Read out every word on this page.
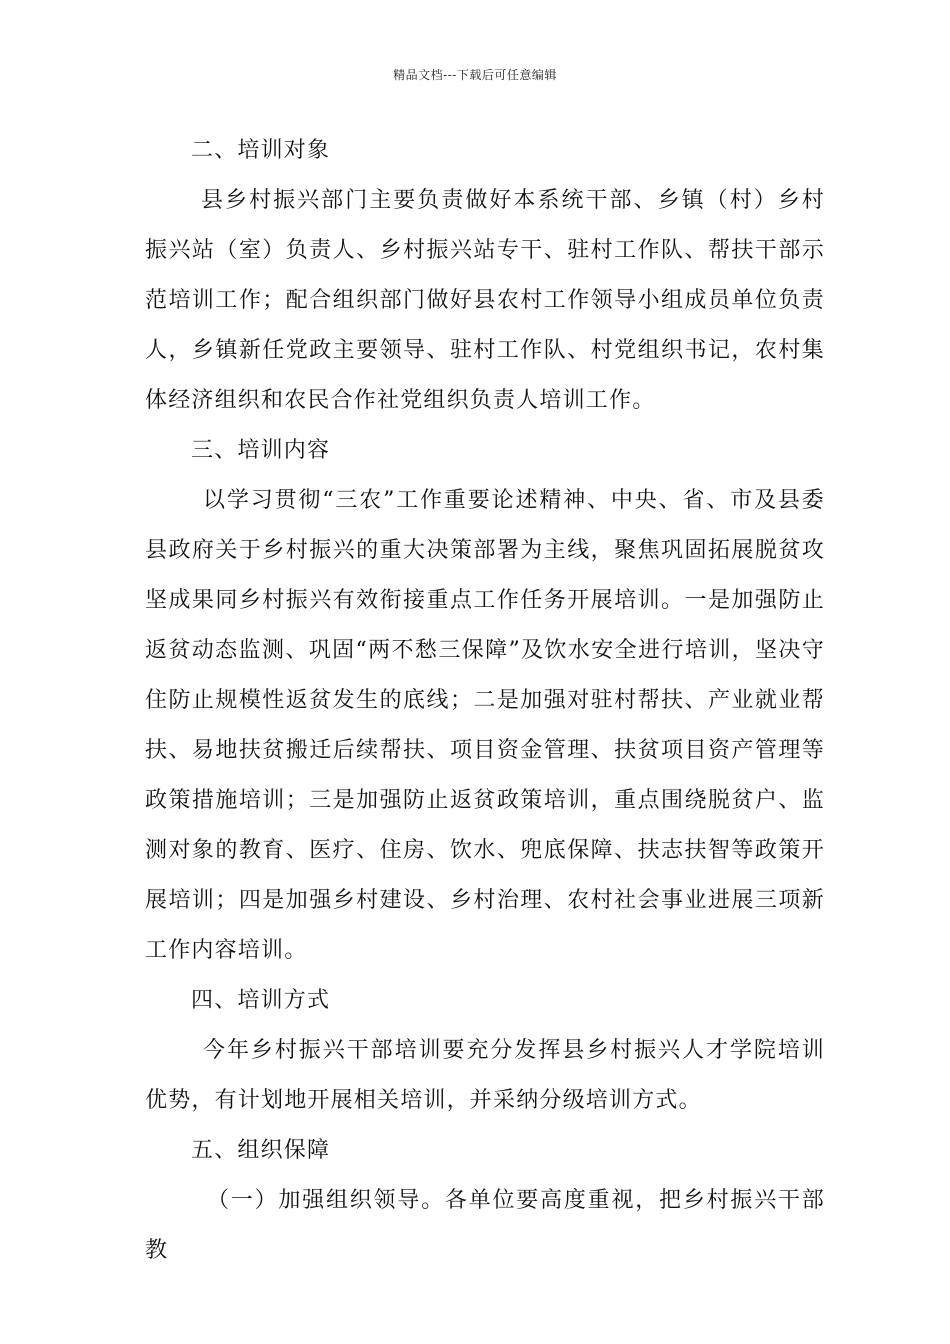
精品文档---下载后可任意编辑

二、培训对象

县乡村振兴部门主要负责做好本系统干部、乡镇（村）乡村振兴站（室）负责人、乡村振兴站专干、驻村工作队、帮扶干部示范培训工作；配合组织部门做好县农村工作领导小组成员单位负责人，乡镇新任党政主要领导、驻村工作队、村党组织书记，农村集体经济组织和农民合作社党组织负责人培训工作。

三、培训内容

以学习贯彻“三农”工作重要论述精神、中央、省、市及县委县政府关于乡村振兴的重大决策部署为主线，聚焦巩固拓展脱贫攻坚成果同乡村振兴有效衔接重点工作任务开展培训。一是加强防止返贫动态监测、巩固“两不愁三保障”及饮水安全进行培训，坚决守住防止规模性返贫发生的底线；二是加强对驻村帮扶、产业就业帮扶、易地扶贫搬迁后续帮扶、项目资金管理、扶贫项目资产管理等政策措施培训；三是加强防止返贫政策培训，重点围绕脱贫户、监测对象的教育、医疗、住房、饮水、兜底保障、扶志扶智等政策开展培训；四是加强乡村建设、乡村治理、农村社会事业进展三项新工作内容培训。

四、培训方式

今年乡村振兴干部培训要充分发挥县乡村振兴人才学院培训优势，有计划地开展相关培训，并采纳分级培训方式。

五、组织保障

（一）加强组织领导。各单位要高度重视，把乡村振兴干部教
